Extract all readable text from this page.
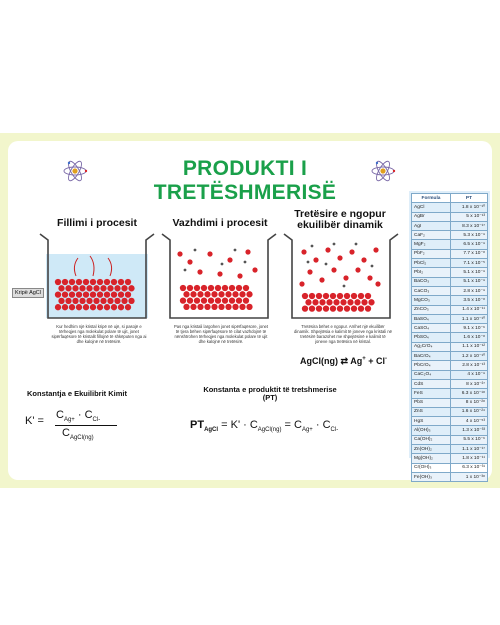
PRODUKTI I TRETËSHMERISË
Fillimi i procesit	Vazhdimi i procesit
Tretësire e ngopur ekuilibër dinamik
Kripë AgCl
Kur hedhim një kristal kripë në ujë, si pasojë e tërheqjes nga molekulat polare të ujit, jonet sipërfaqësore të kristalit fillojnë të shkëputen nga ai dhe kalojnë në tretësirë.
Pas nga kristali largohen jonet sipërfaqësore, jonet të tjera bëhen sipërfaqësore të cilat vazhdojnë të nënshtrohen tërheqjes nga molekulat polare të ujit dhe kalojnë në tretësirë.
Tretësira bëhet e ngopur. Arrihet një ekuilibër dinamik. Shpejtësia e kalimit të joneve nga kristali në tretësirë barazohet me shpejtësinë e kalimit të joneve nga tretësira në kristal.
AgCl(ng) ⇄ Ag+ + Cl-
Konstantja e Ekuilibrit Kimit	Konstanta e produktit të tretshmerise (PT)
$K' = C_{Ag+} \cdot C_{Cl-}$
$C_{AgCl(ng)}$
$PT_{AgCl} = K' \cdot C_{AgCl(ng)} = C_{Ag+} \cdot C_{Cl-}$
Formula	PT
AgCl	1.8 x 10⁻¹⁰
AgBr	5 x 10⁻¹³
AgI	8.3 x 10⁻¹⁷
CaF₂	5.3 x 10⁻⁹
MgF₂	6.5 x 10⁻⁹
PbF₂	7.7 x 10⁻⁸
PbCl₂	7.1 x 10⁻⁵
PbI₂	5.1 x 10⁻⁹
BaCO₃	5.1 x 10⁻⁹
CaCO₃	2.8 x 10⁻⁹
MgCO₃	3.5 x 10⁻⁸
ZnCO₃	1.4 x 10⁻¹¹
BaSO₄	1.1 x 10⁻¹⁰
CaSO₄	9.1 x 10⁻⁶
PbSO₄	1.6 x 10⁻⁸
Ag₂CrO₄	1.1 x 10⁻¹²
BaCrO₄	1.2 x 10⁻¹⁰
PbCrO₄	2.8 x 10⁻¹³
CaC₂O₄	4 x 10⁻⁹
CdS	8 x 10⁻²⁷
FeS	6.3 x 10⁻¹⁸
PbS	8 x 10⁻²⁸
ZnS	1.6 x 10⁻²⁴
HgS	4 x 10⁻⁵³
Al(OH)₃	1.3 x 10⁻³³
Ca(OH)₂	5.5 x 10⁻⁶
Zn(OH)₂	1.1 x 10⁻¹⁷
Mg(OH)₂	1.8 x 10⁻¹¹
Cr(OH)₃	6.3 x 10⁻³¹
Fe(OH)₃	1 x 10⁻³⁸
